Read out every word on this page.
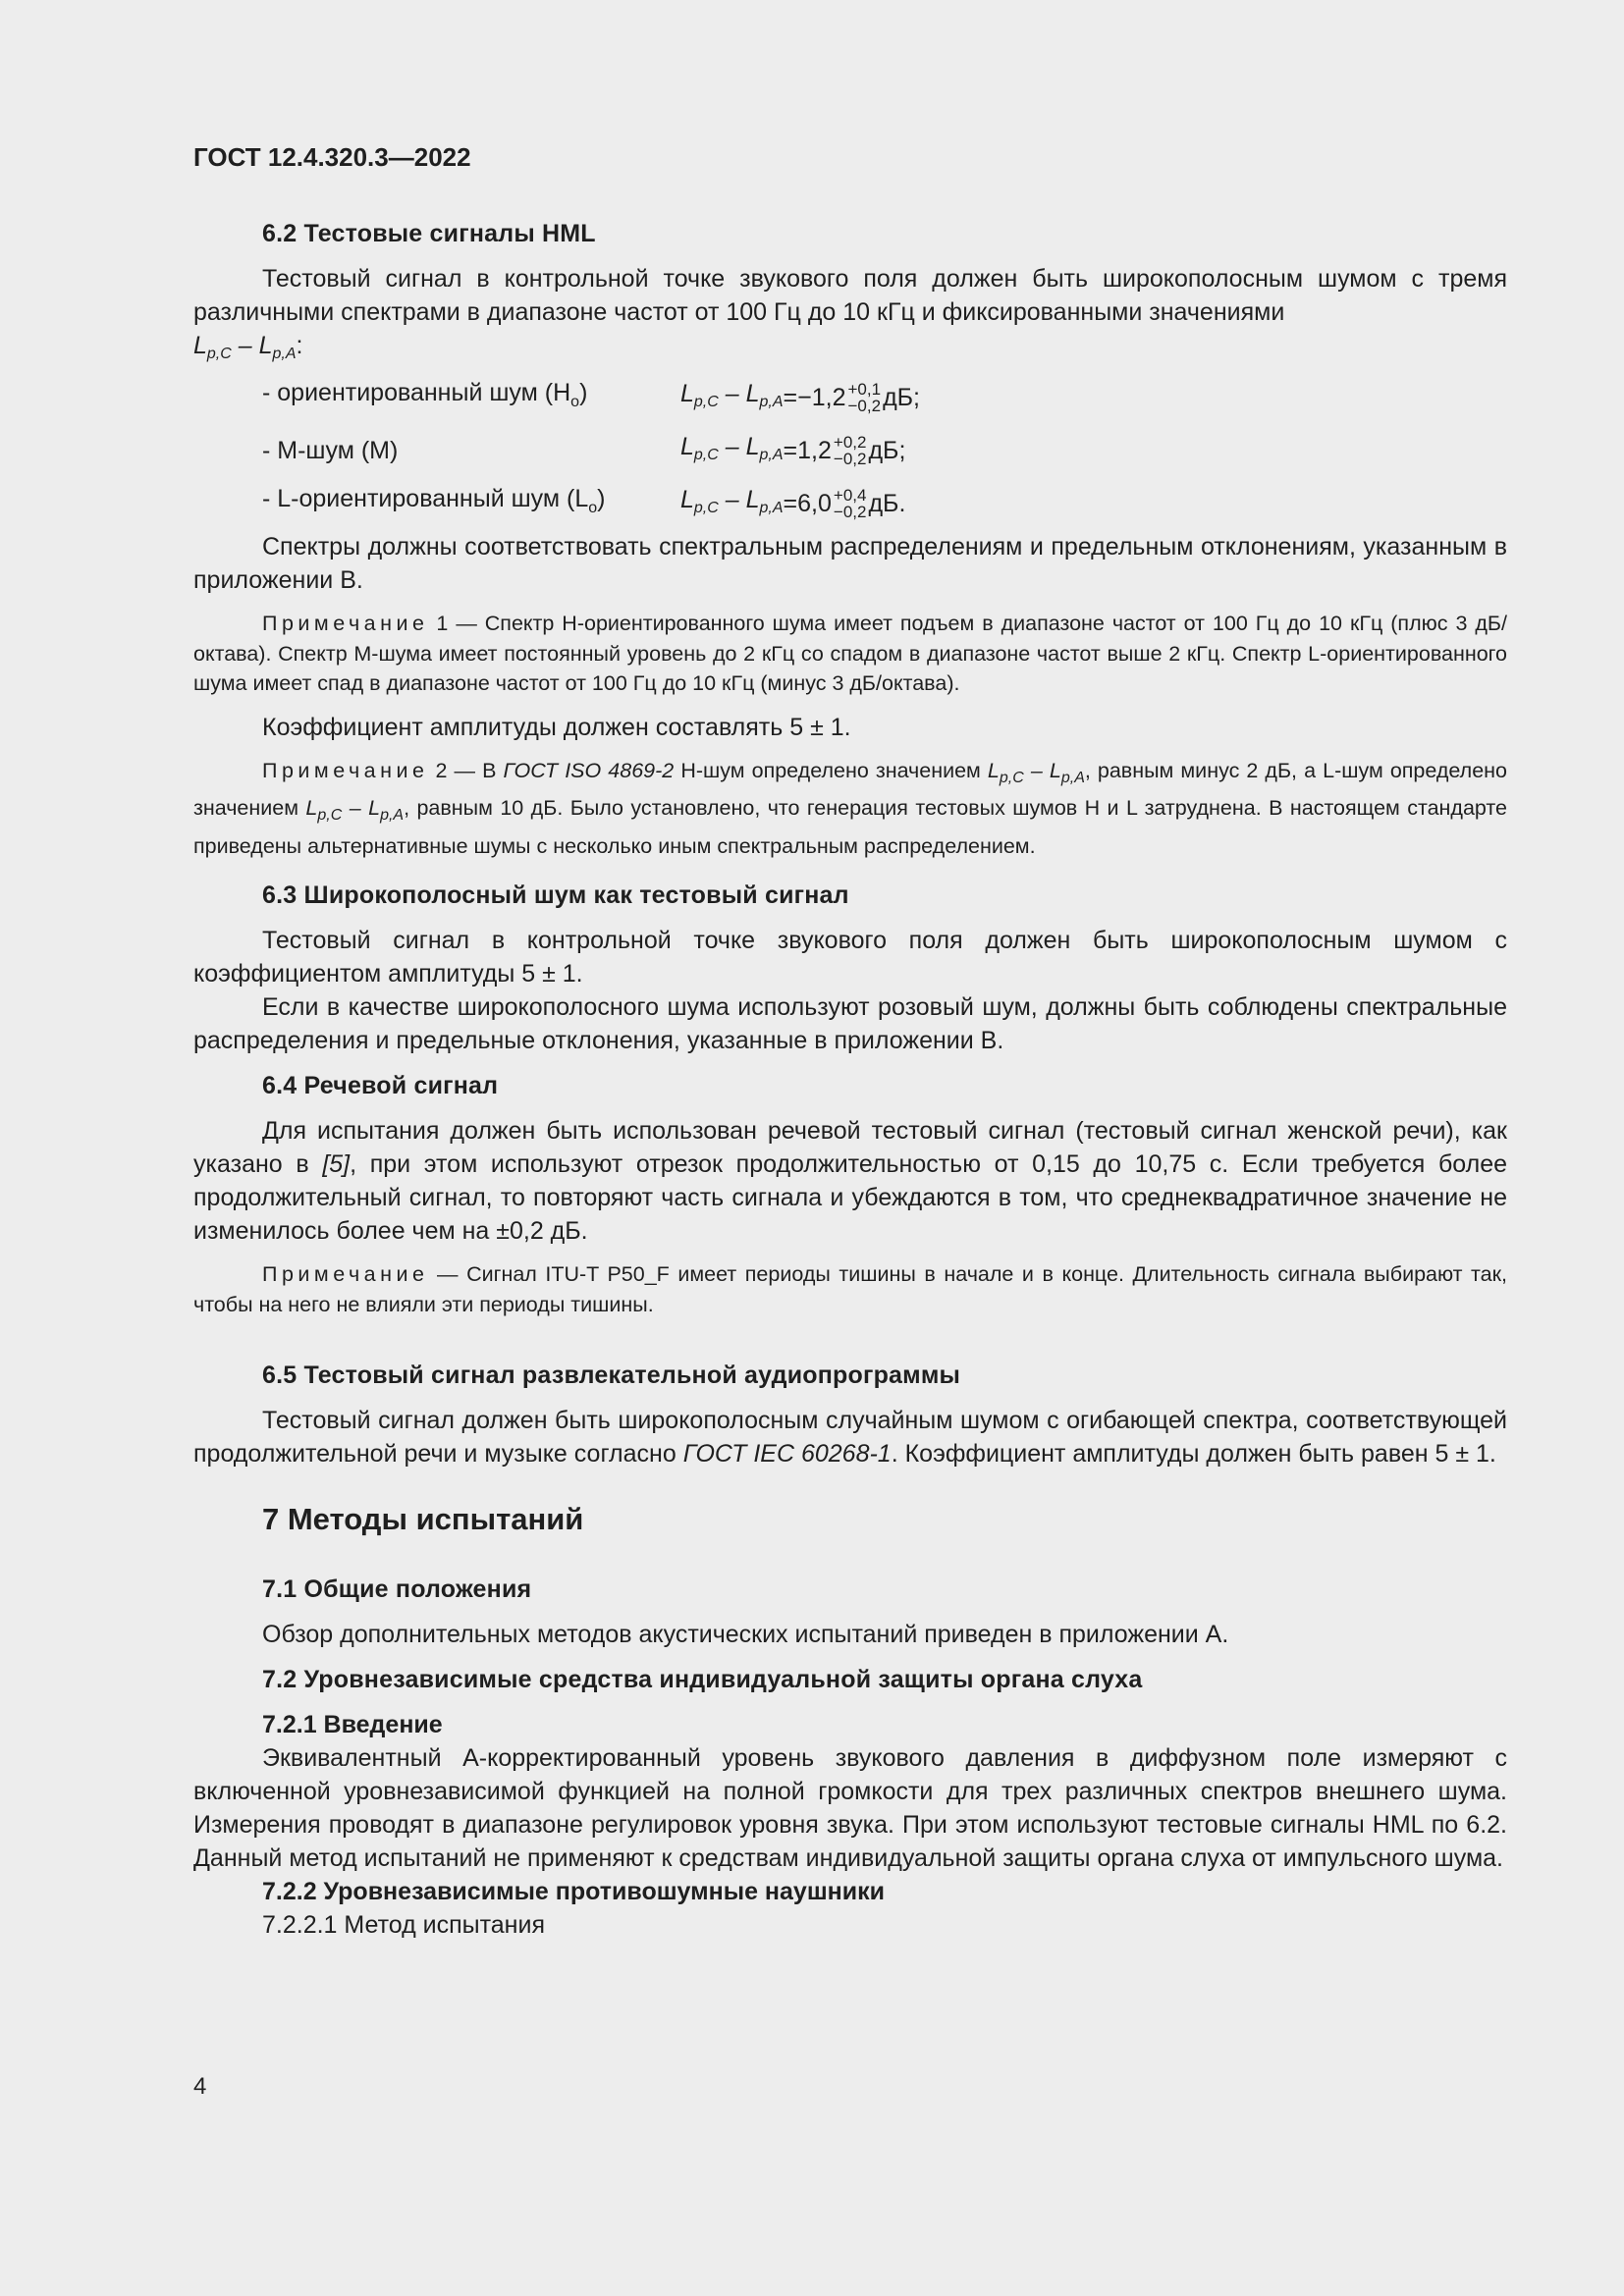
ГОСТ 12.4.320.3—2022
6.2 Тестовые сигналы HML

Тестовый сигнал в контрольной точке звукового поля должен быть широкополосным шумом с тремя различными спектрами в диапазоне частот от 100 Гц до 10 кГц и фиксированными значениями
$L_{p,C} - L_{p,A}$:

- ориентированный шум $(H_o)$	$L_{p,C} - L_{p,A} = -1,2 +0,1$
−0,2 дБ;
- М-шум (М)	$L_{p,C} - L_{p,A} = 1,2 +0,2$
−0,2 дБ;
- L-ориентированный шум $(L_o)$	$L_{p,C} - L_{p,A} = 6,0 +0,4$
−0,2 дБ.

Спектры должны соответствовать спектральным распределениям и предельным отклонениям, указанным в приложении В.

Примечание 1 — Спектр H-ориентированного шума имеет подъем в диапазоне частот от 100 Гц до 10 кГц (плюс 3 дБ/октава). Спектр М-шума имеет постоянный уровень до 2 кГц со спадом в диапазоне частот выше 2 кГц. Спектр L-ориентированного шума имеет спад в диапазоне частот от 100 Гц до 10 кГц (минус 3 дБ/октава).

Коэффициент амплитуды должен составлять 5 ± 1.

Примечание 2 — В ГОСТ ISO 4869-2 H-шум определено значением $L_{p,C} - L_{p,A}$, равным минус 2 дБ, а L-шум определено значением $L_{p,C} - L_{p,A}$, равным 10 дБ. Было установлено, что генерация тестовых шумов H и L затруднена. В настоящем стандарте приведены альтернативные шумы с несколько иным спектральным распределением.
6.3 Широкополосный шум как тестовый сигнал

Тестовый сигнал в контрольной точке звукового поля должен быть широкополосным шумом с коэффициентом амплитуды 5 ± 1.

Если в качестве широкополосного шума используют розовый шум, должны быть соблюдены спектральные распределения и предельные отклонения, указанные в приложении В.

6.4 Речевой сигнал

Для испытания должен быть использован речевой тестовый сигнал (тестовый сигнал женской речи), как указано в [5], при этом используют отрезок продолжительностью от 0,15 до 10,75 с. Если требуется более продолжительный сигнал, то повторяют часть сигнала и убеждаются в том, что среднеквадратичное значение не изменилось более чем на ±0,2 дБ.

Примечание — Сигнал ITU-T P50_F имеет периоды тишины в начале и в конце. Длительность сигнала выбирают так, чтобы на него не влияли эти периоды тишины.
6.5 Тестовый сигнал развлекательной аудиопрограммы

Тестовый сигнал должен быть широкополосным случайным шумом с огибающей спектра, соответствующей продолжительной речи и музыке согласно ГОСТ IEC 60268-1. Коэффициент амплитуды должен быть равен 5 ± 1.

7 Методы испытаний
7.1 Общие положения

Обзор дополнительных методов акустических испытаний приведен в приложении А.

7.2 Уровнезависимые средства индивидуальной защиты органа слуха
7.2.1 Введение

Эквивалентный А-корректированный уровень звукового давления в диффузном поле измеряют с включенной уровнезависимой функцией на полной громкости для трех различных спектров внешнего шума. Измерения проводят в диапазоне регулировок уровня звука. При этом используют тестовые сигналы HML по 6.2. Данный метод испытаний не применяют к средствам индивидуальной защиты органа слуха от импульсного шума.

7.2.2 Уровнезависимые противошумные наушники
7.2.2.1 Метод испытания
4
